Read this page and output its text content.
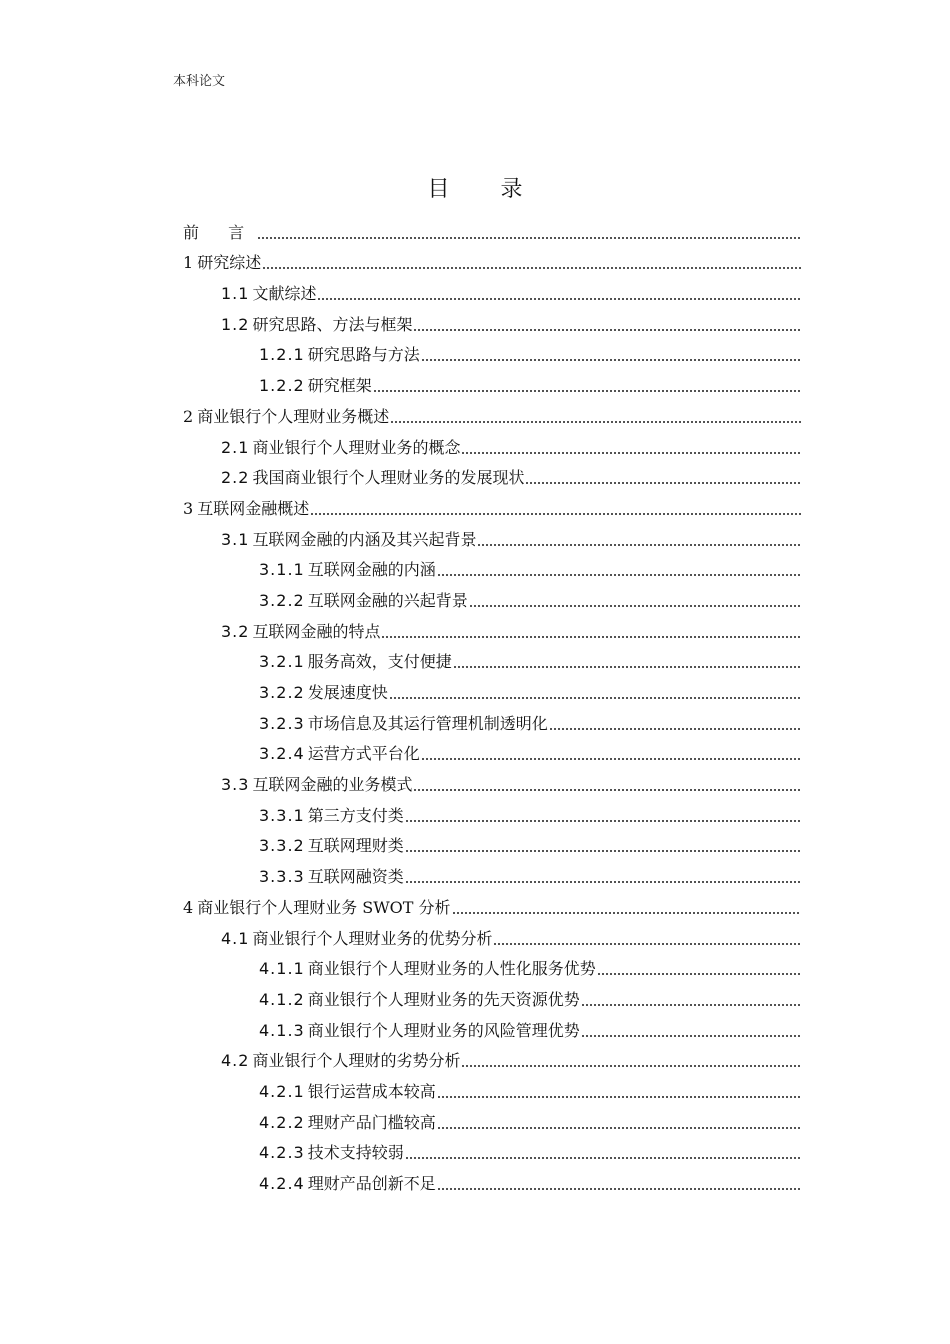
本科论文
目 录
前 言
1 研究综述
1.1 文献综述
1.2 研究思路、方法与框架
1.2.1 研究思路与方法
1.2.2 研究框架
2 商业银行个人理财业务概述
2.1 商业银行个人理财业务的概念
2.2 我国商业银行个人理财业务的发展现状
3 互联网金融概述
3.1 互联网金融的内涵及其兴起背景
3.1.1 互联网金融的内涵
3.2.2 互联网金融的兴起背景
3.2 互联网金融的特点
3.2.1 服务高效，支付便捷
3.2.2 发展速度快
3.2.3 市场信息及其运行管理机制透明化
3.2.4 运营方式平台化
3.3 互联网金融的业务模式
3.3.1 第三方支付类
3.3.2 互联网理财类
3.3.3 互联网融资类
4 商业银行个人理财业务 SWOT 分析
4.1 商业银行个人理财业务的优势分析
4.1.1 商业银行个人理财业务的人性化服务优势
4.1.2 商业银行个人理财业务的先天资源优势
4.1.3 商业银行个人理财业务的风险管理优势
4.2 商业银行个人理财的劣势分析
4.2.1 银行运营成本较高
4.2.2 理财产品门槛较高
4.2.3 技术支持较弱
4.2.4 理财产品创新不足
